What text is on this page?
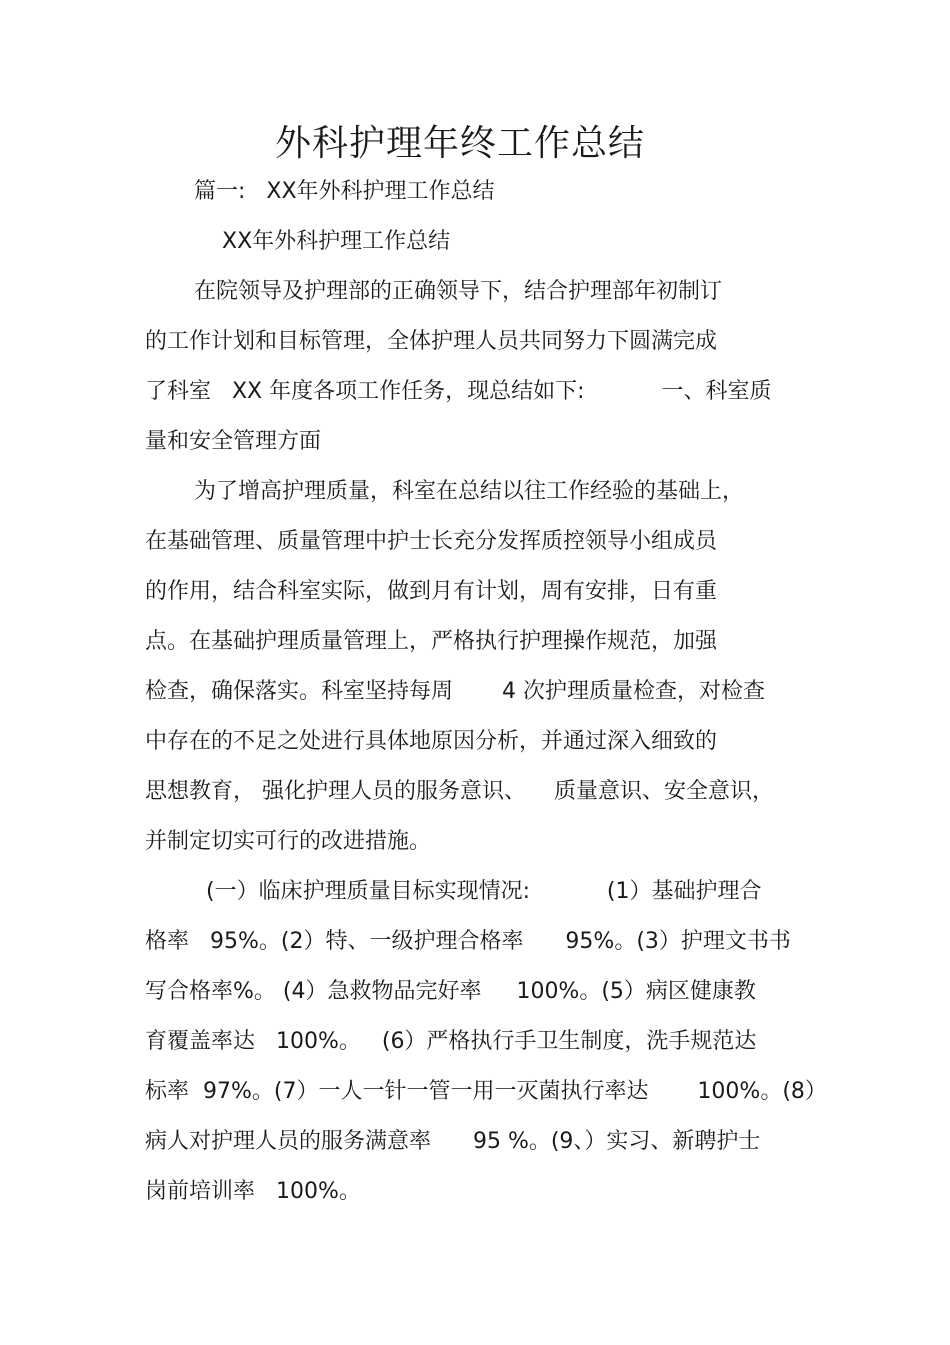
外科护理年终工作总结

篇一:   XX年外科护理工作总结

XX年外科护理工作总结

在院领导及护理部的正确领导下，结合护理部年初制订

的工作计划和目标管理，全体护理人员共同努力下圆满完成

了科室   XX 年度各项工作任务，现总结如下:           一、科室质

量和安全管理方面

为了增高护理质量，科室在总结以往工作经验的基础上，

在基础管理、质量管理中护士长充分发挥质控领导小组成员

的作用，结合科室实际，做到月有计划，周有安排，日有重

点。在基础护理质量管理上，严格执行护理操作规范，加强

检查，确保落实。科室坚持每周       4 次护理质量检查，对检查

中存在的不足之处进行具体地原因分析，并通过深入细致的

思想教育， 强化护理人员的服务意识、    质量意识、安全意识，

并制定切实可行的改进措施。

(一）临床护理质量目标实现情况:           (1）基础护理合

格率   95%。(2）特、一级护理合格率      95%。(3）护理文书书

写合格率%。 (4）急救物品完好率     100%。(5）病区健康教

育覆盖率达   100%。   (6）严格执行手卫生制度，洗手规范达

标率  97%。(7）一人一针一管一用一灭菌执行率达       100%。(8）

病人对护理人员的服务满意率      95 %。(9、）实习、新聘护士

岗前培训率   100%。
